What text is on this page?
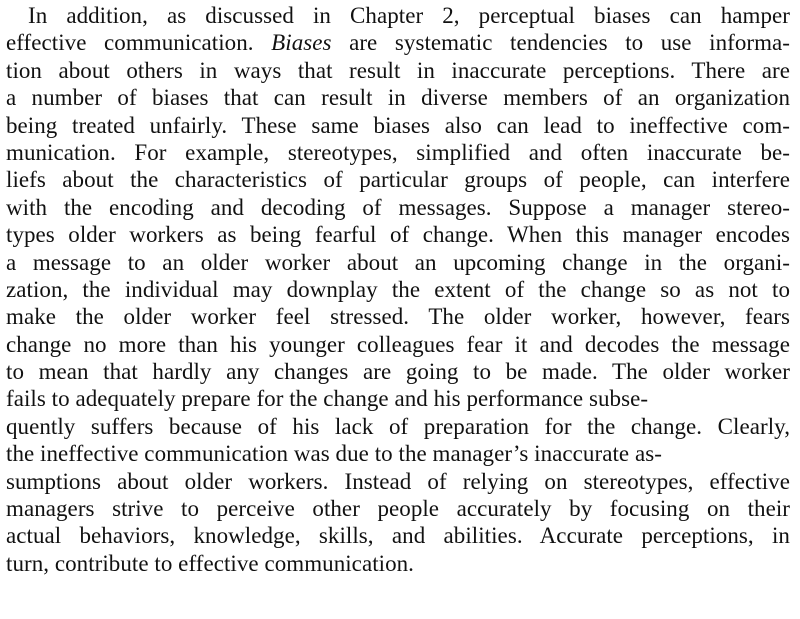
In addition, as discussed in Chapter 2, perceptual biases can hamper
effective communication. Biases are systematic tendencies to use informa-
tion about others in ways that result in inaccurate perceptions. There are
a number of biases that can result in diverse members of an organization
being treated unfairly. These same biases also can lead to ineffective com-
munication. For example, stereotypes, simplified and often inaccurate be-
liefs about the characteristics of particular groups of people, can interfere
with the encoding and decoding of messages. Suppose a manager stereo-
types older workers as being fearful of change. When this manager encodes
a message to an older worker about an upcoming change in the organi-
zation, the individual may downplay the extent of the change so as not to
make the older worker feel stressed. The older worker, however, fears
change no more than his younger colleagues fear it and decodes the message
to mean that hardly any changes are going to be made. The older worker
fails to adequately prepare for the change and his performance subse-
quently suffers because of his lack of preparation for the change. Clearly,
the ineffective communication was due to the manager’s inaccurate as-
sumptions about older workers. Instead of relying on stereotypes, effective
managers strive to perceive other people accurately by focusing on their
actual behaviors, knowledge, skills, and abilities. Accurate perceptions, in
turn, contribute to effective communication.
